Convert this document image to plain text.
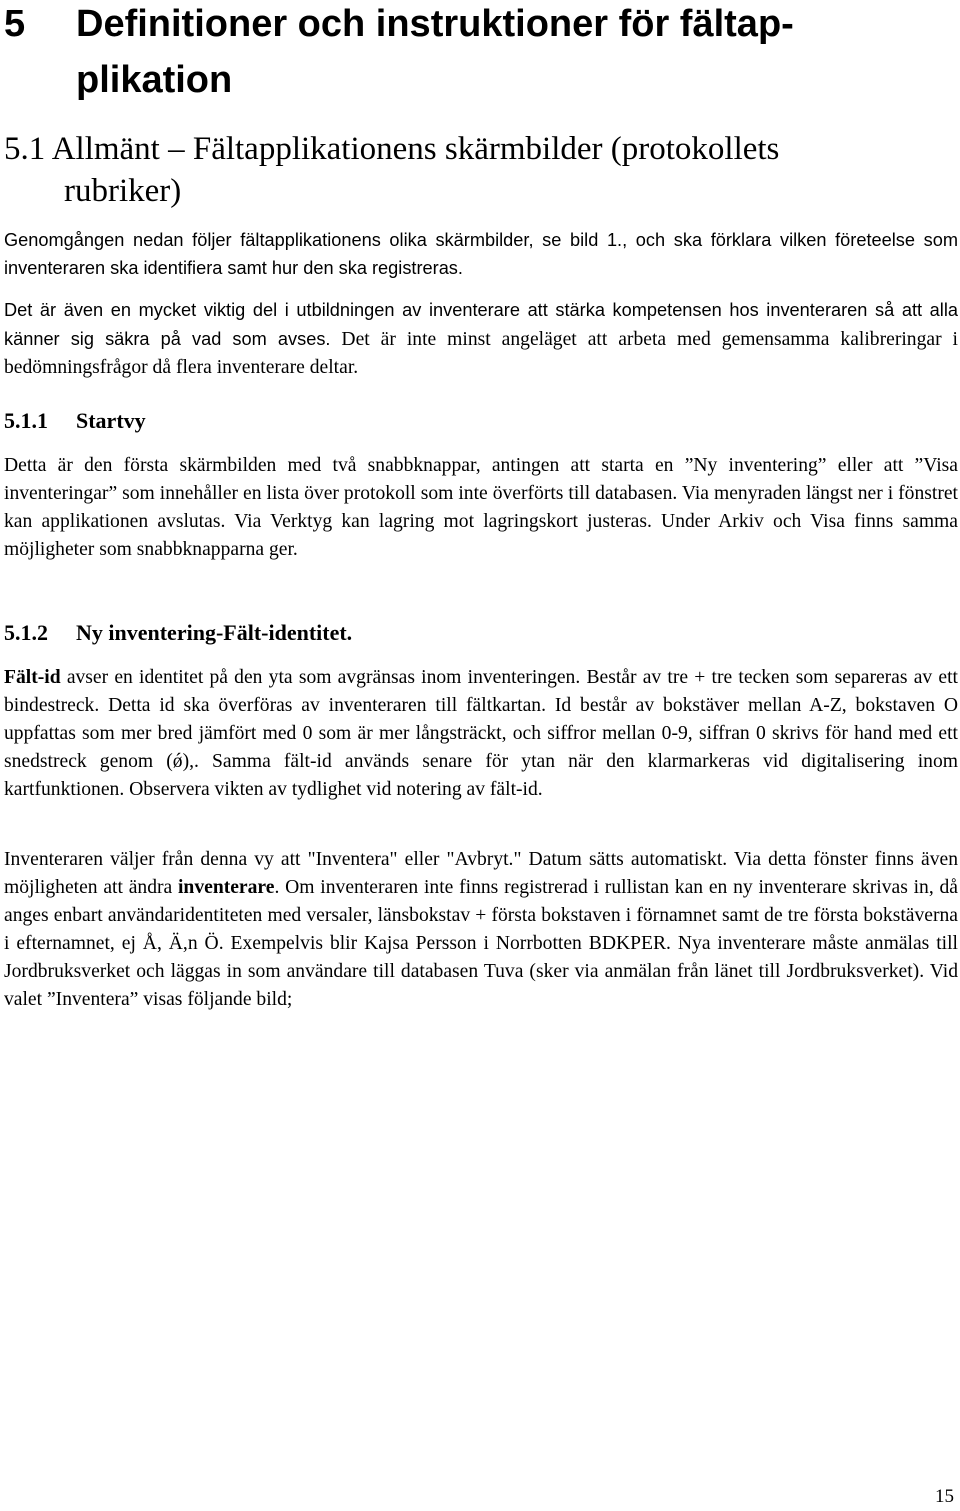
5 Definitioner och instruktioner för fältap-
plikation
5.1 Allmänt – Fältapplikationens skärmbilder (protokollets
rubriker)
Genomgången nedan följer fältapplikationens olika skärmbilder, se bild 1., och ska förklara vilken företeelse som inventeraren ska identifiera samt hur den ska registreras.
Det är även en mycket viktig del i utbildningen av inventerare att stärka kompetensen hos inventeraren så att alla känner sig säkra på vad som avses. Det är inte minst angeläget att arbeta med gemensamma kalibreringar i bedömningsfrågor då flera inventerare deltar.
5.1.1 Startvy
Detta är den första skärmbilden med två snabbknappar, antingen att starta en ”Ny inventering” eller att ”Visa inventeringar” som innehåller en lista över protokoll som inte överförts till databasen. Via menyraden längst ner i fönstret kan applikationen avslutas. Via Verktyg kan lagring mot lagringskort justeras. Under Arkiv och Visa finns samma möjligheter som snabbknapparna ger.
5.1.2 Ny inventering-Fält-identitet.
Fält-id avser en identitet på den yta som avgränsas inom inventeringen. Består av tre + tre tecken som separeras av ett bindestreck. Detta id ska överföras av inventeraren till fältkartan. Id består av bokstäver mellan A-Z, bokstaven O uppfattas som mer bred jämfört med 0 som är mer långsträckt, och siffror mellan 0-9, siffran 0 skrivs för hand med ett snedstreck genom (ǿ),. Samma fält-id används senare för ytan när den klarmarkeras vid digitalisering inom kartfunktionen. Observera vikten av tydlighet vid notering av fält-id.
Inventeraren väljer från denna vy att "Inventera" eller "Avbryt." Datum sätts automatiskt. Via detta fönster finns även möjligheten att ändra inventerare. Om inventeraren inte finns registrerad i rullistan kan en ny inventerare skrivas in, då anges enbart användaridentiteten med versaler, länsbokstav + första bokstaven i förnamnet samt de tre första bokstäverna i efternamnet, ej Å, Ä,n Ö. Exempelvis blir Kajsa Persson i Norrbotten BDKPER. Nya inventerare måste anmälas till Jordbruksverket och läggas in som användare till databasen Tuva (sker via anmälan från länet till Jordbruksverket). Vid valet ”Inventera” visas följande bild;
15
